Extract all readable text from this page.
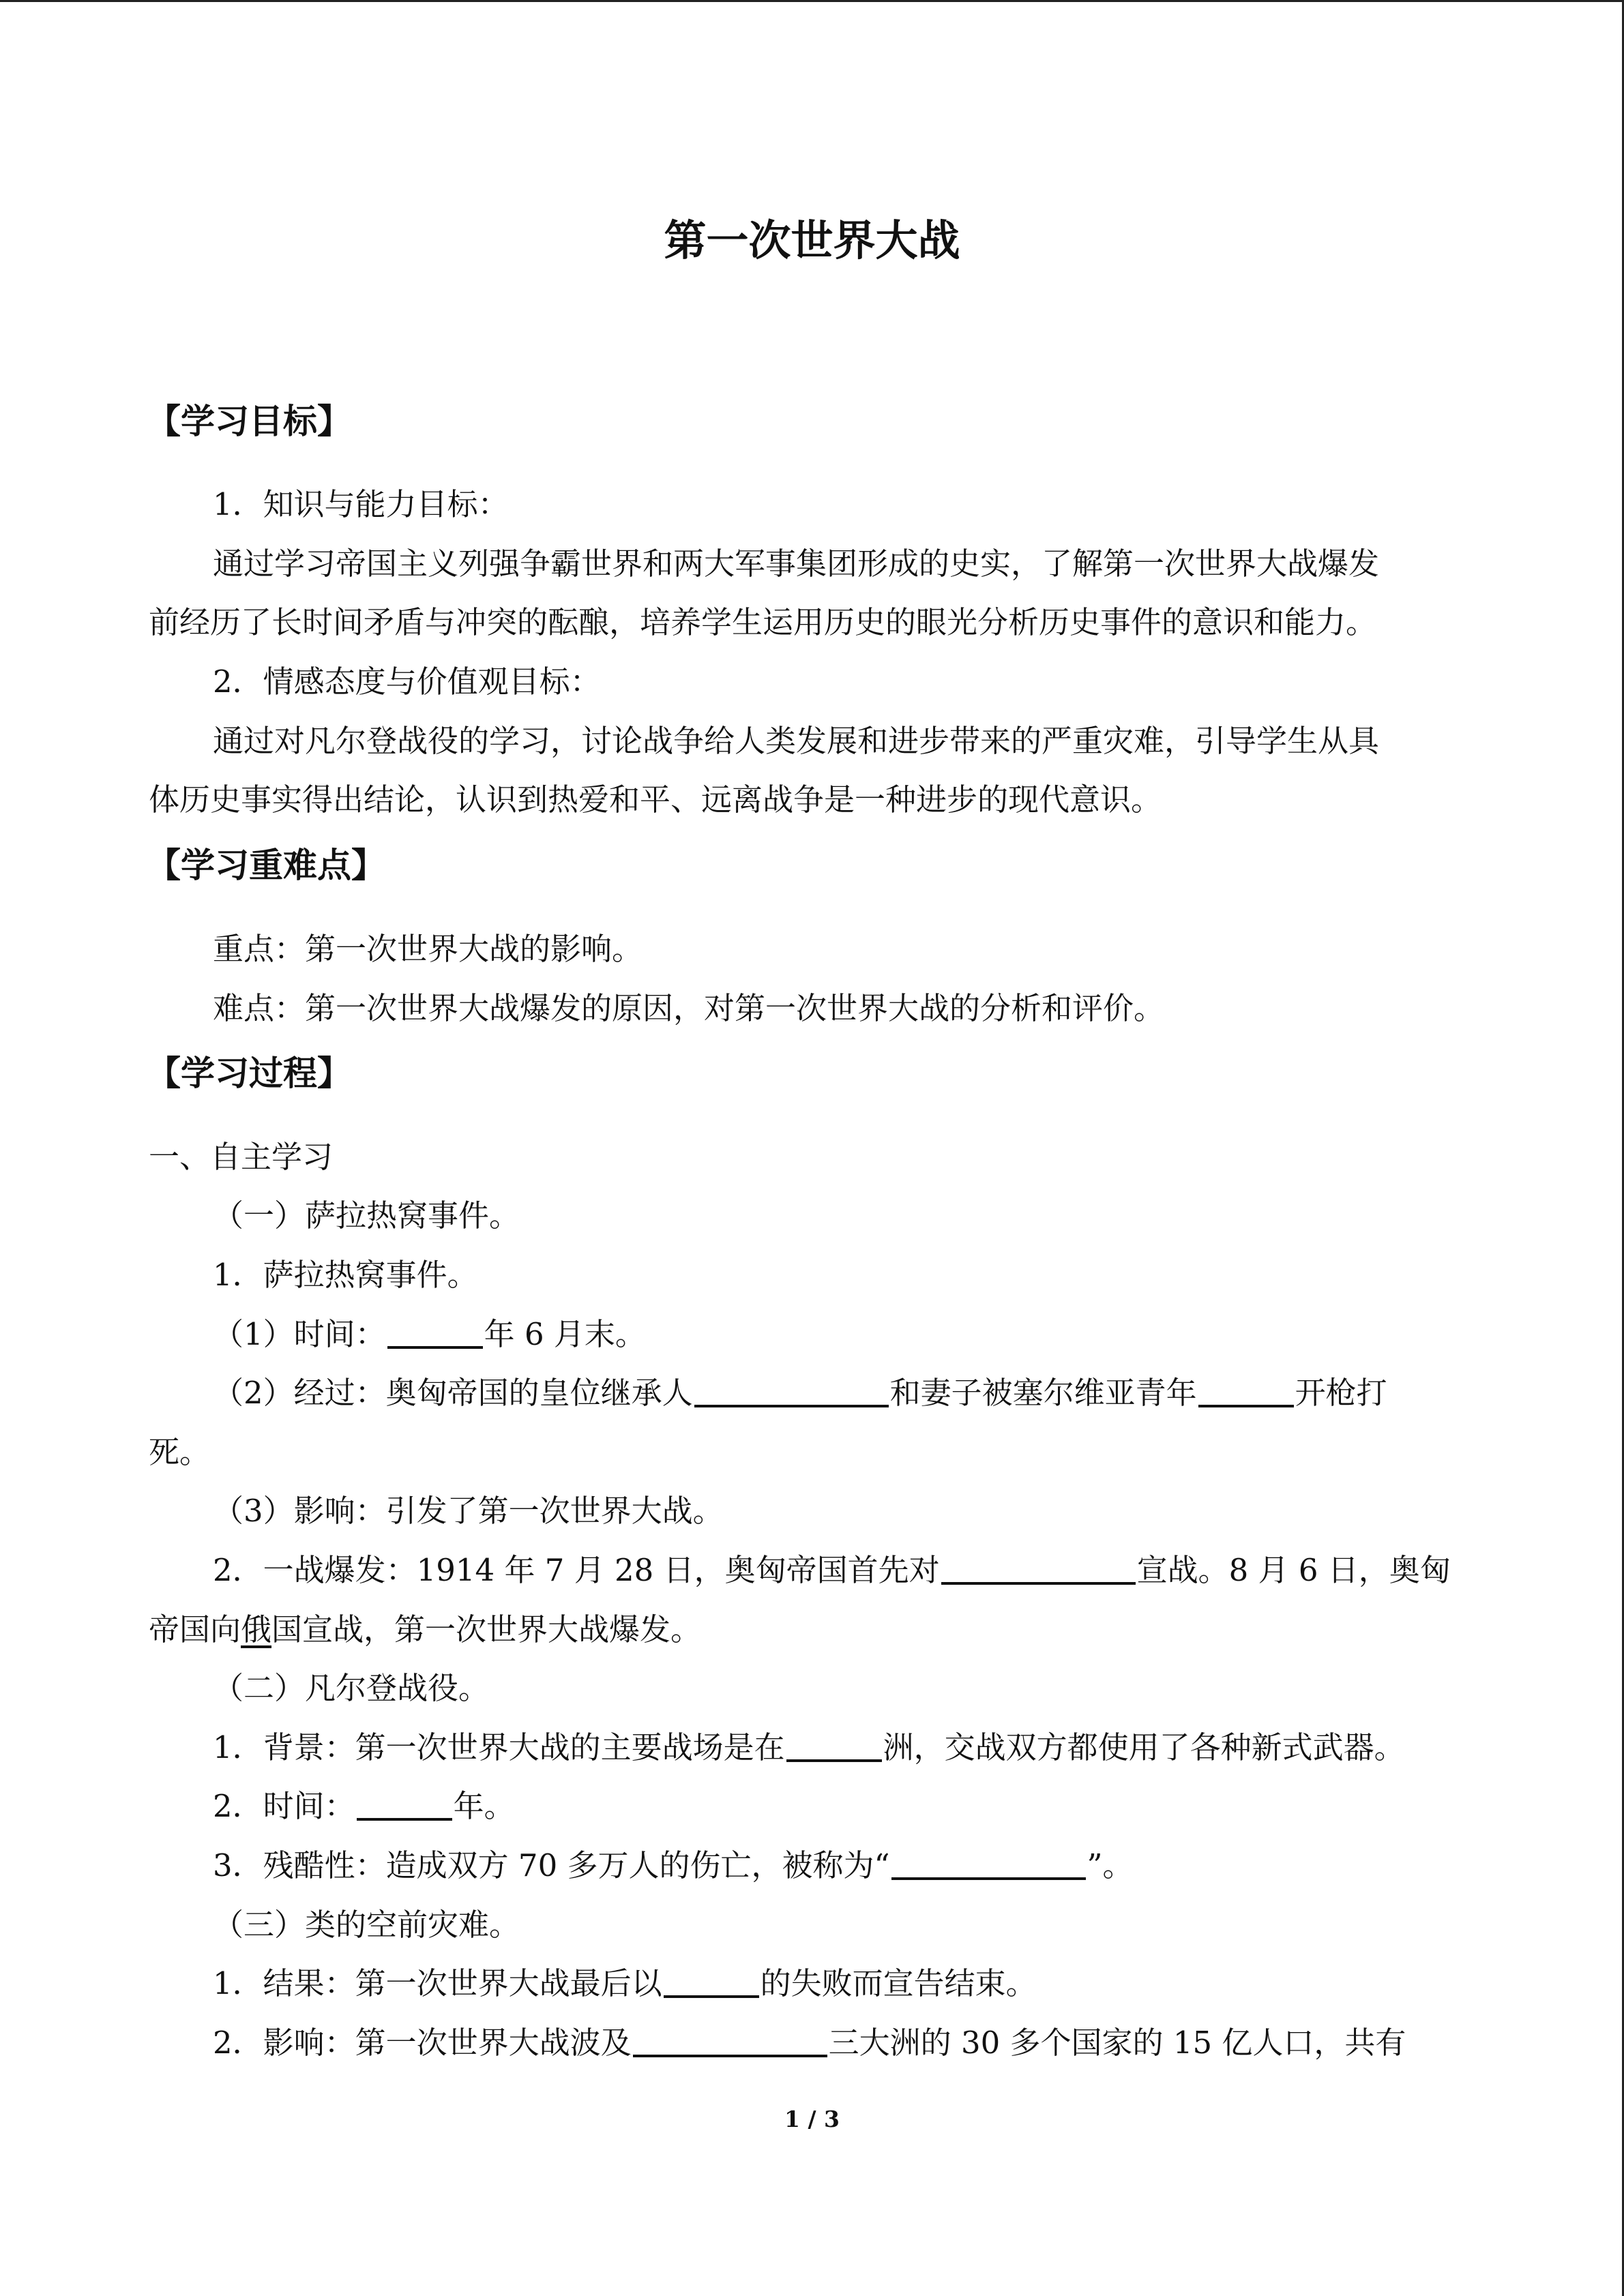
第一次世界大战
【学习目标】
1．知识与能力目标：
通过学习帝国主义列强争霸世界和两大军事集团形成的史实，了解第一次世界大战爆发
前经历了长时间矛盾与冲突的酝酿，培养学生运用历史的眼光分析历史事件的意识和能力。
2．情感态度与价值观目标：
通过对凡尔登战役的学习，讨论战争给人类发展和进步带来的严重灾难，引导学生从具
体历史事实得出结论，认识到热爱和平、远离战争是一种进步的现代意识。
【学习重难点】
重点：第一次世界大战的影响。
难点：第一次世界大战爆发的原因，对第一次世界大战的分析和评价。
【学习过程】
一、自主学习
（一）萨拉热窝事件。
1．萨拉热窝事件。
（1）时间：	年 6 月末。
（2）经过：奥匈帝国的皇位继承人	和妻子被塞尔维亚青年	开枪打
死。
（3）影响：引发了第一次世界大战。
2．一战爆发：1914 年 7 月 28 日，奥匈帝国首先对	宣战。8 月 6 日，奥匈
帝国向俄国宣战，第一次世界大战爆发。
（二）凡尔登战役。
1．背景：第一次世界大战的主要战场是在	洲，交战双方都使用了各种新式武器。
2．时间：	年。
3．残酷性：造成双方 70 多万人的伤亡，被称为“	”。
（三）类的空前灾难。
1．结果：第一次世界大战最后以	的失败而宣告结束。
2．影响：第一次世界大战波及	三大洲的 30 多个国家的 15 亿人口，共有
1 / 3
